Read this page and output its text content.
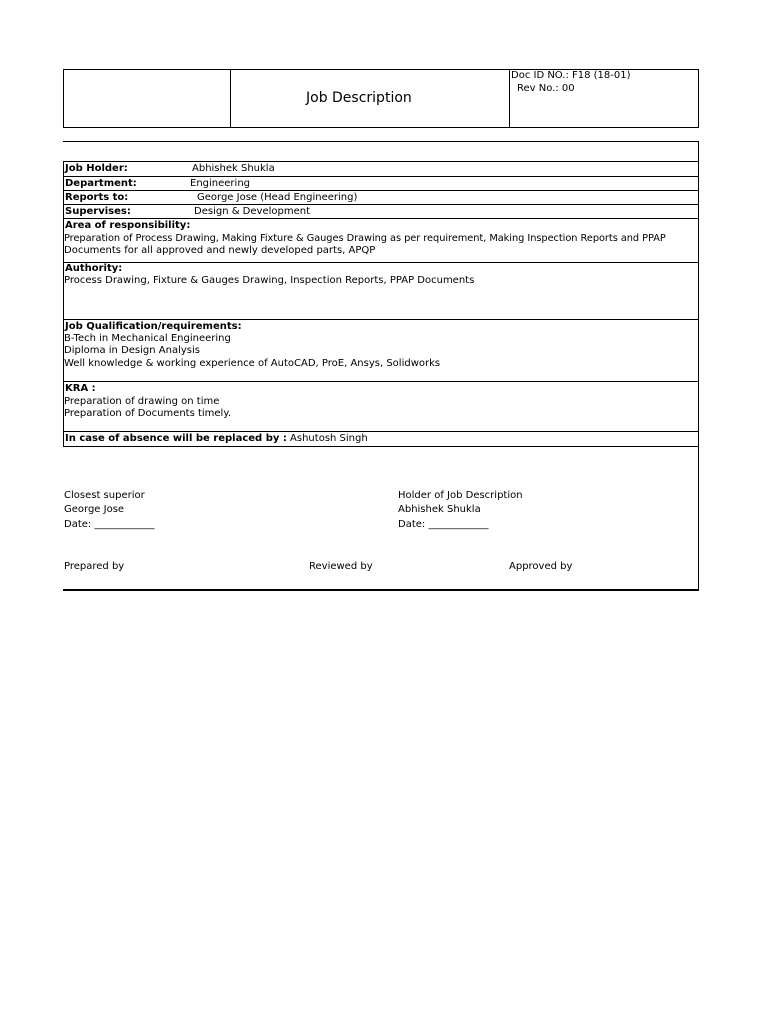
Job Description
Doc ID NO.: F18 (18-01)
Rev No.: 00
Job Holder:	Abhishek Shukla
Department:	Engineering
Reports to:	George Jose (Head Engineering)
Supervises:	Design & Development
Area of responsibility:
Preparation of Process Drawing, Making Fixture & Gauges Drawing as per requirement, Making Inspection Reports and PPAP
Documents for all approved and newly developed parts, APQP
Authority:
Process Drawing, Fixture & Gauges Drawing, Inspection Reports, PPAP Documents
Job Qualification/requirements:
B-Tech in Mechanical Engineering
Diploma in Design Analysis
Well knowledge & working experience of AutoCAD, ProE, Ansys, Solidworks
KRA :
Preparation of drawing on time
Preparation of Documents timely.
In case of absence will be replaced by : Ashutosh Singh
Closest superior
George Jose
Date: ____________
Holder of Job Description
Abhishek Shukla
Date: ____________
Prepared by	Reviewed by	Approved by
